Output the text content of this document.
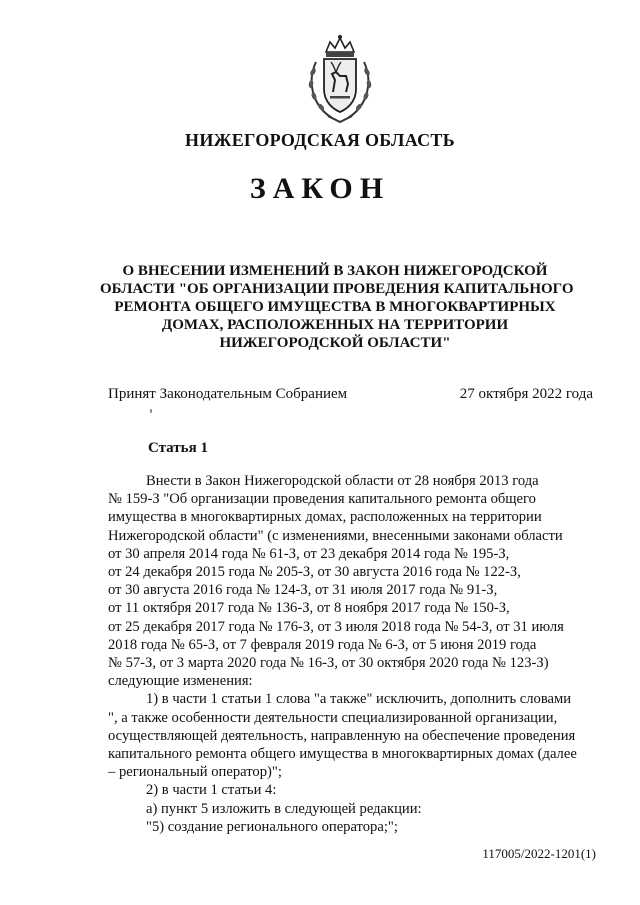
НИЖЕГОРОДСКАЯ ОБЛАСТЬ
ЗАКОН
О ВНЕСЕНИИ ИЗМЕНЕНИЙ В ЗАКОН НИЖЕГОРОДСКОЙ
ОБЛАСТИ "ОБ ОРГАНИЗАЦИИ ПРОВЕДЕНИЯ КАПИТАЛЬНОГО
РЕМОНТА ОБЩЕГО ИМУЩЕСТВА В МНОГОКВАРТИРНЫХ
ДОМАХ, РАСПОЛОЖЕННЫХ НА ТЕРРИТОРИИ
НИЖЕГОРОДСКОЙ ОБЛАСТИ"
Принят Законодательным Собранием	27 октября 2022 года
Статья 1
Внести в Закон Нижегородской области от 28 ноября 2013 года
№ 159-З "Об организации проведения капитального ремонта общего
имущества в многоквартирных домах, расположенных на территории
Нижегородской области" (с изменениями, внесенными законами области
от 30 апреля 2014 года № 61-З, от 23 декабря 2014 года № 195-З,
от 24 декабря 2015 года № 205-З, от 30 августа 2016 года № 122-З,
от 30 августа 2016 года № 124-З, от 31 июля 2017 года № 91-З,
от 11 октября 2017 года № 136-З, от 8 ноября 2017 года № 150-З,
от 25 декабря 2017 года № 176-З, от 3 июля 2018 года № 54-З, от 31 июля
2018 года № 65-З, от 7 февраля 2019 года № 6-З, от 5 июня 2019 года
№ 57-З, от 3 марта 2020 года № 16-З, от 30 октября 2020 года № 123-З)
следующие изменения:
1) в части 1 статьи 1 слова "а также" исключить, дополнить словами
", а также особенности деятельности специализированной организации,
осуществляющей деятельность, направленную на обеспечение проведения
капитального ремонта общего имущества в многоквартирных домах (далее
– региональный оператор)";
2) в части 1 статьи 4:
а) пункт 5 изложить в следующей редакции:
"5) создание регионального оператора;";
117005/2022-1201(1)
